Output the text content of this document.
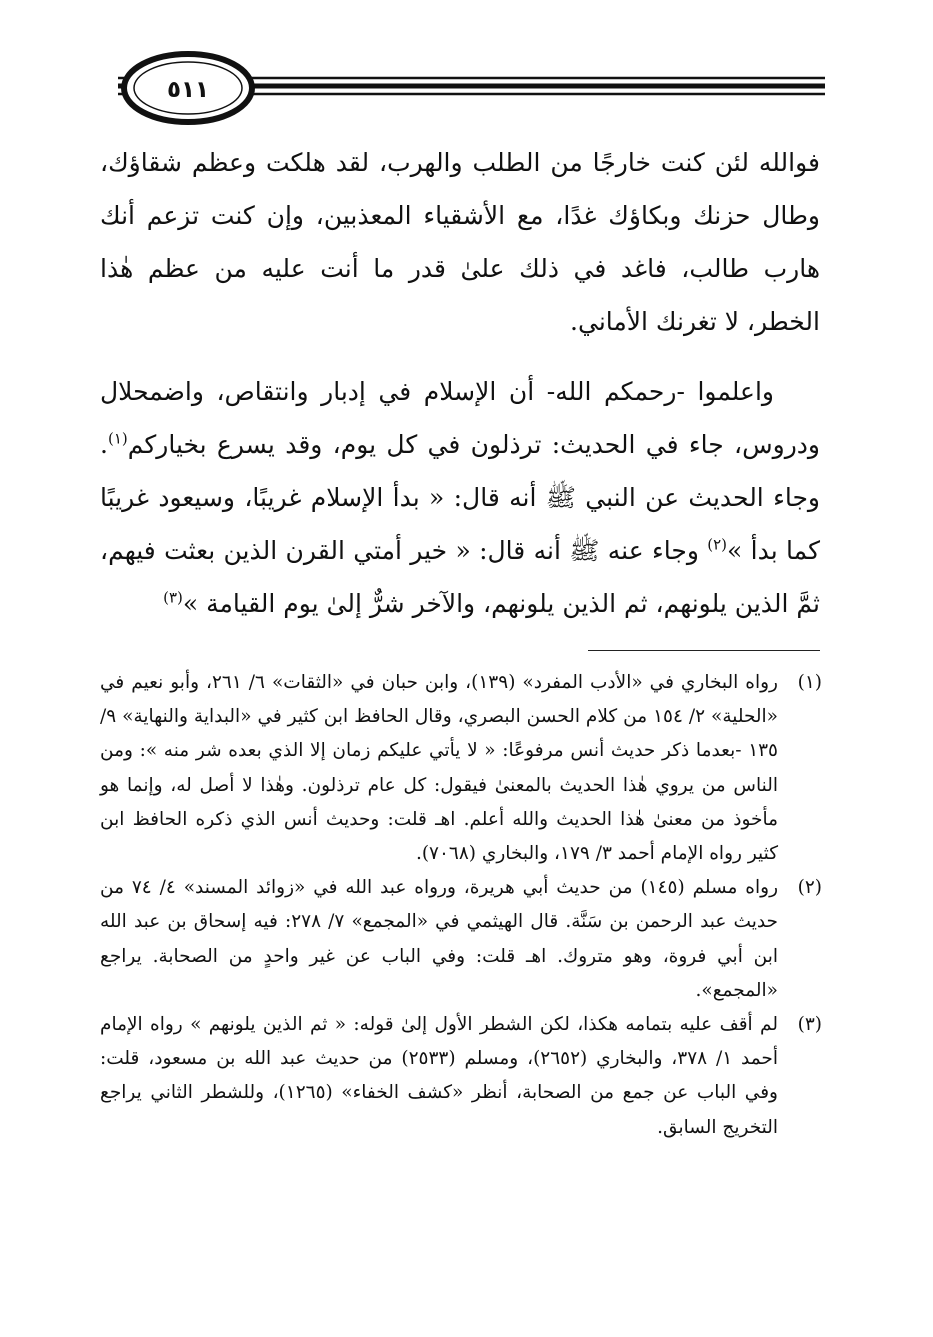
٥١١

فوالله لئن كنت خارجًا من الطلب والهرب، لقد هلكت وعظم شقاؤك، وطال حزنك وبكاؤك غدًا، مع الأشقياء المعذبين، وإن كنت تزعم أنك هارب طالب، فاغد في ذلك علىٰ قدر ما أنت عليه من عظم هٰذا الخطر، لا تغرنك الأماني.

واعلموا -رحمكم الله- أن الإسلام في إدبار وانتقاص، واضمحلال ودروس، جاء في الحديث: ترذلون في كل يوم، وقد يسرع بخياركم$^{(١)}$. وجاء الحديث عن النبي ﷺ أنه قال: « بدأ الإسلام غريبًا، وسيعود غريبًا كما بدأ »$^{(٢)}$ وجاء عنه ﷺ أنه قال: « خير أمتي القرن الذين بعثت فيهم، ثمَّ الذين يلونهم، ثم الذين يلونهم، والآخر شرٌّ إلىٰ يوم القيامة »$^{(٣)}$

(١)
رواه البخاري في «الأدب المفرد» (١٣٩)، وابن حبان في «الثقات» ٦/ ٢٦١، وأبو نعيم في «الحلية» ٢/ ١٥٤ من كلام الحسن البصري، وقال الحافظ ابن كثير في «البداية والنهاية» ٩/ ١٣٥ -بعدما ذكر حديث أنس مرفوعًا: « لا يأتي عليكم زمان إلا الذي بعده شر منه »: ومن الناس من يروي هٰذا الحديث بالمعنىٰ فيقول: كل عام ترذلون. وهٰذا لا أصل له، وإنما هو مأخوذ من معنىٰ هٰذا الحديث والله أعلم. اهـ قلت: وحديث أنس الذي ذكره الحافظ ابن كثير رواه الإمام أحمد ٣/ ١٧٩، والبخاري (٧٠٦٨).
(٢)
رواه مسلم (١٤٥) من حديث أبي هريرة، ورواه عبد الله في «زوائد المسند» ٤/ ٧٤ من حديث عبد الرحمن بن سَنَّة. قال الهيثمي في «المجمع» ٧/ ٢٧٨: فيه إسحاق بن عبد الله ابن أبي فروة، وهو متروك. اهـ قلت: وفي الباب عن غير واحدٍ من الصحابة. يراجع «المجمع».
(٣)
لم أقف عليه بتمامه هكذا، لكن الشطر الأول إلىٰ قوله: « ثم الذين يلونهم » رواه الإمام أحمد ١/ ٣٧٨، والبخاري (٢٦٥٢)، ومسلم (٢٥٣٣) من حديث عبد الله بن مسعود، قلت: وفي الباب عن جمع من الصحابة، أنظر «كشف الخفاء» (١٢٦٥)، وللشطر الثاني يراجع التخريج السابق.
